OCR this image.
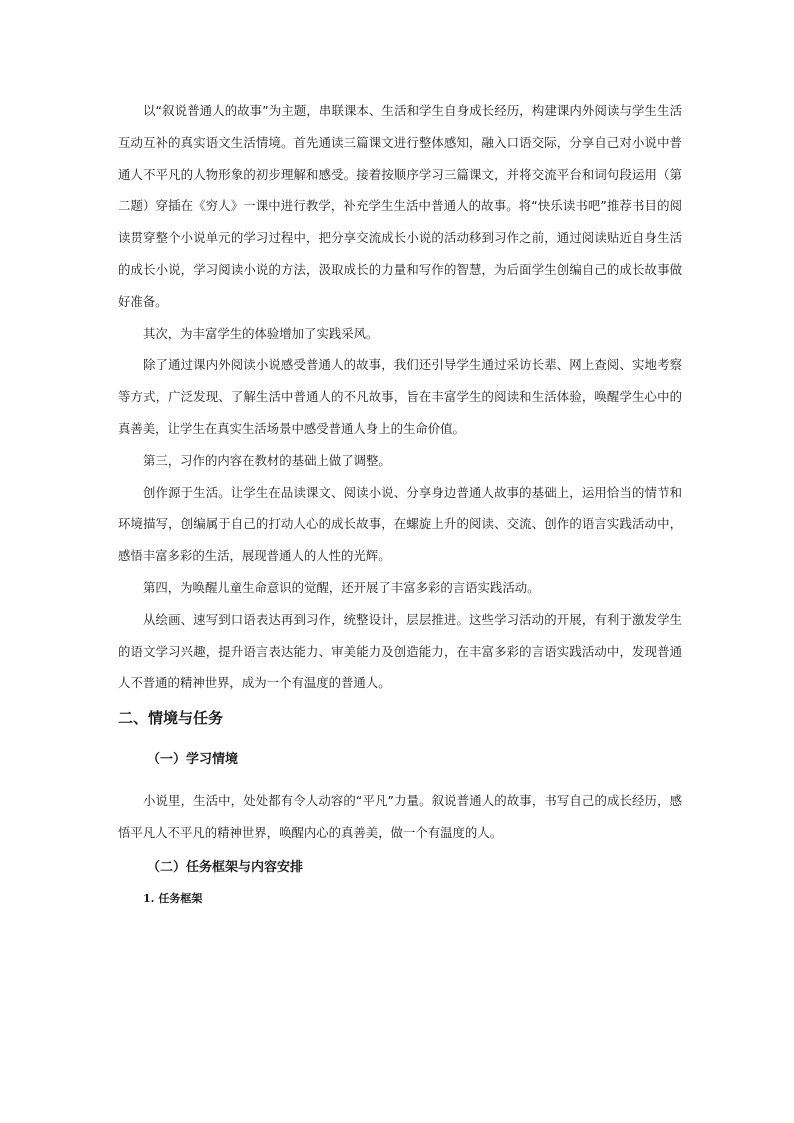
以“叙说普通人的故事”为主题，串联课本、生活和学生自身成长经历，构建课内外阅读与学生生活互动互补的真实语文生活情境。首先通读三篇课文进行整体感知，融入口语交际，分享自己对小说中普通人不平凡的人物形象的初步理解和感受。接着按顺序学习三篇课文，并将交流平台和词句段运用（第二题）穿插在《穷人》一课中进行教学，补充学生生活中普通人的故事。将“快乐读书吧”推荐书目的阅读贯穿整个小说单元的学习过程中，把分享交流成长小说的活动移到习作之前，通过阅读贴近自身生活的成长小说，学习阅读小说的方法，汲取成长的力量和写作的智慧，为后面学生创编自己的成长故事做好准备。

其次，为丰富学生的体验增加了实践采风。

除了通过课内外阅读小说感受普通人的故事，我们还引导学生通过采访长辈、网上查阅、实地考察等方式，广泛发现、了解生活中普通人的不凡故事，旨在丰富学生的阅读和生活体验，唤醒学生心中的真善美，让学生在真实生活场景中感受普通人身上的生命价值。

第三，习作的内容在教材的基础上做了调整。

创作源于生活。让学生在品读课文、阅读小说、分享身边普通人故事的基础上，运用恰当的情节和环境描写，创编属于自己的打动人心的成长故事，在螺旋上升的阅读、交流、创作的语言实践活动中，感悟丰富多彩的生活，展现普通人的人性的光辉。

第四，为唤醒儿童生命意识的觉醒，还开展了丰富多彩的言语实践活动。

从绘画、速写到口语表达再到习作，统整设计，层层推进。这些学习活动的开展，有利于激发学生的语文学习兴趣，提升语言表达能力、审美能力及创造能力，在丰富多彩的言语实践活动中，发现普通人不普通的精神世界，成为一个有温度的普通人。

二、情境与任务
（一）学习情境

小说里，生活中，处处都有令人动容的“平凡”力量。叙说普通人的故事，书写自己的成长经历，感悟平凡人不平凡的精神世界，唤醒内心的真善美，做一个有温度的人。

（二）任务框架与内容安排
1. 任务框架
